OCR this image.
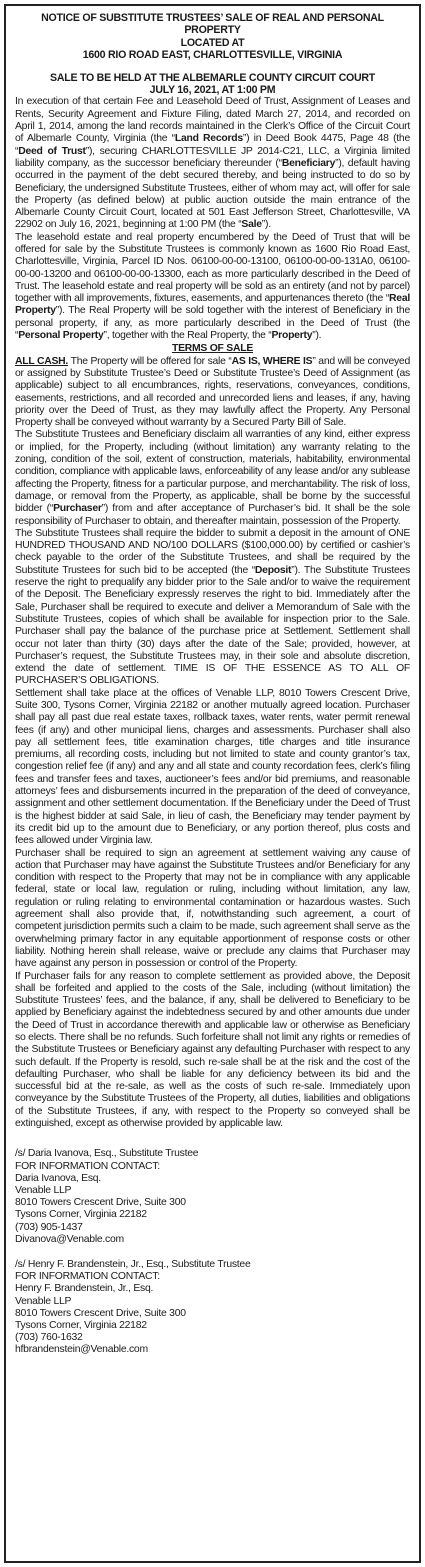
NOTICE OF SUBSTITUTE TRUSTEES’ SALE OF REAL AND PERSONAL PROPERTY
LOCATED AT
1600 RIO ROAD EAST, CHARLOTTESVILLE, VIRGINIA
SALE TO BE HELD AT THE ALBEMARLE COUNTY CIRCUIT COURT
JULY 16, 2021, AT 1:00 PM

In execution of that certain Fee and Leasehold Deed of Trust, Assignment of Leases and Rents, Security Agreement and Fixture Filing, dated March 27, 2014, and recorded on April 1, 2014, among the land records maintained in the Clerk’s Office of the Circuit Court of Albemarle County, Virginia (the “Land Records”) in Deed Book 4475, Page 48 (the “Deed of Trust”), securing CHARLOTTESVILLE JP 2014-C21, LLC, a Virginia limited liability company, as the successor beneficiary thereunder (“Beneficiary”), default having occurred in the payment of the debt secured thereby, and being instructed to do so by Beneficiary, the undersigned Substitute Trustees, either of whom may act, will offer for sale the Property (as defined below) at public auction outside the main entrance of the Albemarle County Circuit Court, located at 501 East Jefferson Street, Charlottesville, VA 22902 on July 16, 2021, beginning at 1:00 PM (the “Sale”).

The leasehold estate and real property encumbered by the Deed of Trust that will be offered for sale by the Substitute Trustees is commonly known as 1600 Rio Road East, Charlottesville, Virginia, Parcel ID Nos. 06100-00-00-13100, 06100-00-00-131A0, 06100-00-00-13200 and 06100-00-00-13300, each as more particularly described in the Deed of Trust. The leasehold estate and real property will be sold as an entirety (and not by parcel) together with all improvements, fixtures, easements, and appurtenances thereto (the “Real Property”). The Real Property will be sold together with the interest of Beneficiary in the personal property, if any, as more particularly described in the Deed of Trust (the “Personal Property”, together with the Real Property, the “Property”).

TERMS OF SALE

ALL CASH. The Property will be offered for sale “AS IS, WHERE IS” and will be conveyed or assigned by Substitute Trustee’s Deed or Substitute Trustee’s Deed of Assignment (as applicable) subject to all encumbrances, rights, reservations, conveyances, conditions, easements, restrictions, and all recorded and unrecorded liens and leases, if any, having priority over the Deed of Trust, as they may lawfully affect the Property. Any Personal Property shall be conveyed without warranty by a Secured Party Bill of Sale.

The Substitute Trustees and Beneficiary disclaim all warranties of any kind, either express or implied, for the Property, including (without limitation) any warranty relating to the zoning, condition of the soil, extent of construction, materials, habitability, environmental condition, compliance with applicable laws, enforceability of any lease and/or any sublease affecting the Property, fitness for a particular purpose, and merchantability. The risk of loss, damage, or removal from the Property, as applicable, shall be borne by the successful bidder (“Purchaser”) from and after acceptance of Purchaser’s bid. It shall be the sole responsibility of Purchaser to obtain, and thereafter maintain, possession of the Property.

The Substitute Trustees shall require the bidder to submit a deposit in the amount of ONE HUNDRED THOUSAND AND NO/100 DOLLARS ($100,000.00) by certified or cashier’s check payable to the order of the Substitute Trustees, and shall be required by the Substitute Trustees for such bid to be accepted (the “Deposit”). The Substitute Trustees reserve the right to prequalify any bidder prior to the Sale and/or to waive the requirement of the Deposit. The Beneficiary expressly reserves the right to bid. Immediately after the Sale, Purchaser shall be required to execute and deliver a Memorandum of Sale with the Substitute Trustees, copies of which shall be available for inspection prior to the Sale. Purchaser shall pay the balance of the purchase price at Settlement. Settlement shall occur not later than thirty (30) days after the date of the Sale; provided, however, at Purchaser’s request, the Substitute Trustees may, in their sole and absolute discretion, extend the date of settlement. TIME IS OF THE ESSENCE AS TO ALL OF PURCHASER’S OBLIGATIONS.

Settlement shall take place at the offices of Venable LLP, 8010 Towers Crescent Drive, Suite 300, Tysons Corner, Virginia 22182 or another mutually agreed location. Purchaser shall pay all past due real estate taxes, rollback taxes, water rents, water permit renewal fees (if any) and other municipal liens, charges and assessments. Purchaser shall also pay all settlement fees, title examination charges, title charges and title insurance premiums, all recording costs, including but not limited to state and county grantor’s tax, congestion relief fee (if any) and any and all state and county recordation fees, clerk’s filing fees and transfer fees and taxes, auctioneer’s fees and/or bid premiums, and reasonable attorneys’ fees and disbursements incurred in the preparation of the deed of conveyance, assignment and other settlement documentation. If the Beneficiary under the Deed of Trust is the highest bidder at said Sale, in lieu of cash, the Beneficiary may tender payment by its credit bid up to the amount due to Beneficiary, or any portion thereof, plus costs and fees allowed under Virginia law.

Purchaser shall be required to sign an agreement at settlement waiving any cause of action that Purchaser may have against the Substitute Trustees and/or Beneficiary for any condition with respect to the Property that may not be in compliance with any applicable federal, state or local law, regulation or ruling, including without limitation, any law, regulation or ruling relating to environmental contamination or hazardous wastes. Such agreement shall also provide that, if, notwithstanding such agreement, a court of competent jurisdiction permits such a claim to be made, such agreement shall serve as the overwhelming primary factor in any equitable apportionment of response costs or other liability. Nothing herein shall release, waive or preclude any claims that Purchaser may have against any person in possession or control of the Property.

If Purchaser fails for any reason to complete settlement as provided above, the Deposit shall be forfeited and applied to the costs of the Sale, including (without limitation) the Substitute Trustees’ fees, and the balance, if any, shall be delivered to Beneficiary to be applied by Beneficiary against the indebtedness secured by and other amounts due under the Deed of Trust in accordance therewith and applicable law or otherwise as Beneficiary so elects. There shall be no refunds. Such forfeiture shall not limit any rights or remedies of the Substitute Trustees or Beneficiary against any defaulting Purchaser with respect to any such default. If the Property is resold, such re-sale shall be at the risk and the cost of the defaulting Purchaser, who shall be liable for any deficiency between its bid and the successful bid at the re-sale, as well as the costs of such re-sale. Immediately upon conveyance by the Substitute Trustees of the Property, all duties, liabilities and obligations of the Substitute Trustees, if any, with respect to the Property so conveyed shall be extinguished, except as otherwise provided by applicable law.

/s/ Daria Ivanova, Esq., Substitute Trustee
FOR INFORMATION CONTACT:
Daria Ivanova, Esq.
Venable LLP
8010 Towers Crescent Drive, Suite 300
Tysons Corner, Virginia 22182
(703) 905-1437
Divanova@Venable.com
/s/ Henry F. Brandenstein, Jr., Esq., Substitute Trustee
FOR INFORMATION CONTACT:
Henry F. Brandenstein, Jr., Esq.
Venable LLP
8010 Towers Crescent Drive, Suite 300
Tysons Corner, Virginia 22182
(703) 760-1632
hfbrandenstein@Venable.com
